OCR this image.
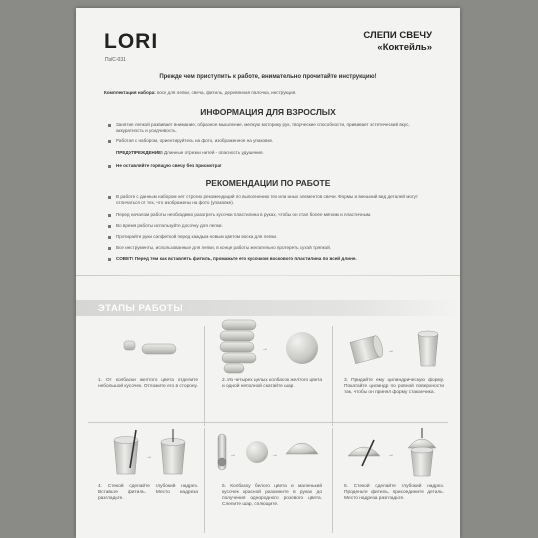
LORI
Пз/С-031
СЛЕПИ СВЕЧУ
«Коктейль»
Прежде чем приступить к работе, внимательно прочитайте инструкцию!
Комплектация набора: воск для лепки, свеча, фитиль, деревянная палочка, инструкция.
ИНФОРМАЦИЯ ДЛЯ ВЗРОСЛЫХ
Занятие лепкой развивает внимание, образное мышление, мелкую моторику рук, творческие способности, прививает эстетический вкус, аккуратность и усидчивость.
Работая с набором, ориентируйтесь на фото, изображенное на упаковке.
ПРЕДУПРЕЖДЕНИЕ! Длинные отрезки нитей - опасность удушения.
Не оставляйте горящую свечу без присмотра!
РЕКОМЕНДАЦИИ ПО РАБОТЕ
В работе с данным набором нет строгих рекомендаций по выполнению тех или иных элементов свечи. Формы и внешний вид деталей могут отличаться от тех, что изображены на фото (упаковке).
Перед началом работы необходимо разогреть кусочки пластилина в руках, чтобы он стал более мягким и пластичным.
Во время работы используйте досочку для лепки.
Протирайте руки салфеткой перед каждым новым цветом воска для лепки.
Все инструменты, использованные для лепки, в конце работы желательно протереть сухой тряпкой.
СОВЕТ! Перед тем как вставлять фитиль, промажьте его кусочком воскового пластилина по всей длине.
ЭТАПЫ РАБОТЫ
→	→
1. От колбаски желтого цвета отделите небольшой кусочек. Отложите его в сторону.
2. Из четырех целых колбасок желтого цвета и одной неполной скатайте шар.
3. Придайте ему цилиндрическую форму. Покатайте цилиндр по ровной поверхности так, чтобы он принял форму стаканчика.
→	→	→	→
4. Стекой сделайте глубокий надрез. Вставьте фитиль. Место надреза разгладьте.
5. Колбаску белого цвета и маленький кусочек красной разомните в руках до получения однородного розового цвета. Слепите шар, сплющите.
6. Стекой сделайте глубокий надрез. Проденьте фитиль, присоедините деталь. Место надреза разгладьте.
